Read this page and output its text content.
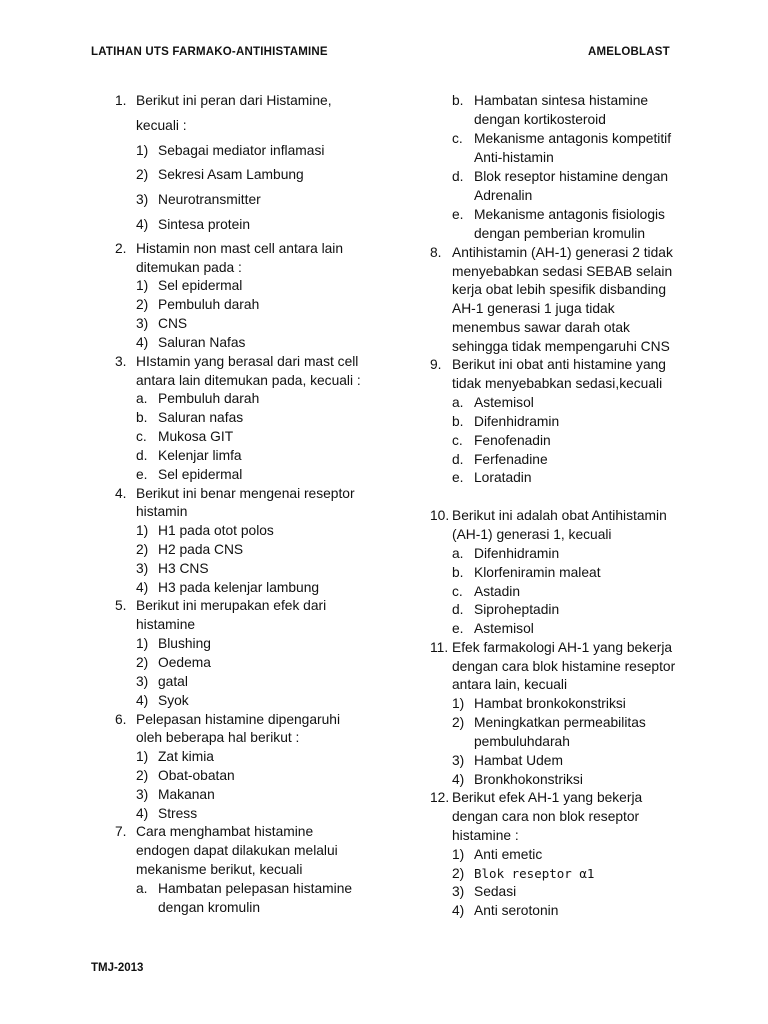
LATIHAN UTS FARMAKO-ANTIHISTAMINE	AMELOBLAST
TMJ-2013
1. Berikut ini peran dari Histamine,
kecuali :
1) Sebagai mediator inflamasi
2) Sekresi Asam Lambung
3) Neurotransmitter
4) Sintesa protein
2. Histamin non mast cell antara lain
ditemukan pada :
1) Sel epidermal
2) Pembuluh darah
3) CNS
4) Saluran Nafas
3. HIstamin yang berasal dari mast cell
antara lain ditemukan pada, kecuali :
a. Pembuluh darah
b. Saluran nafas
c. Mukosa GIT
d. Kelenjar limfa
e. Sel epidermal
4. Berikut ini benar mengenai reseptor
histamin
1) H1 pada otot polos
2) H2 pada CNS
3) H3 CNS
4) H3 pada kelenjar lambung
5. Berikut ini merupakan efek dari
histamine
1) Blushing
2) Oedema
3) gatal
4) Syok
6. Pelepasan histamine dipengaruhi
oleh beberapa hal berikut :
1) Zat kimia
2) Obat-obatan
3) Makanan
4) Stress
7. Cara menghambat histamine
endogen dapat dilakukan melalui
mekanisme berikut, kecuali
a. Hambatan pelepasan histamine
dengan kromulin
b. Hambatan sintesa histamine
dengan kortikosteroid
c. Mekanisme antagonis kompetitif
Anti-histamin
d. Blok reseptor histamine dengan
Adrenalin
e. Mekanisme antagonis fisiologis
dengan pemberian kromulin
8. Antihistamin (AH-1) generasi 2 tidak
menyebabkan sedasi SEBAB selain
kerja obat lebih spesifik disbanding
AH-1 generasi 1 juga tidak
menembus sawar darah otak
sehingga tidak mempengaruhi CNS
9. Berikut ini obat anti histamine yang
tidak menyebabkan sedasi,kecuali
a. Astemisol
b. Difenhidramin
c. Fenofenadin
d. Ferfenadine
e. Loratadin
10. Berikut ini adalah obat Antihistamin
(AH-1) generasi 1, kecuali
a. Difenhidramin
b. Klorfeniramin maleat
c. Astadin
d. Siproheptadin
e. Astemisol
11. Efek farmakologi AH-1 yang bekerja
dengan cara blok histamine reseptor
antara lain, kecuali
1) Hambat bronkokonstriksi
2) Meningkatkan permeabilitas
pembuluhdarah
3) Hambat Udem
4) Bronkhokonstriksi
12. Berikut efek AH-1 yang bekerja
dengan cara non blok reseptor
histamine :
1) Anti emetic
2) Blok reseptor α1
3) Sedasi
4) Anti serotonin
